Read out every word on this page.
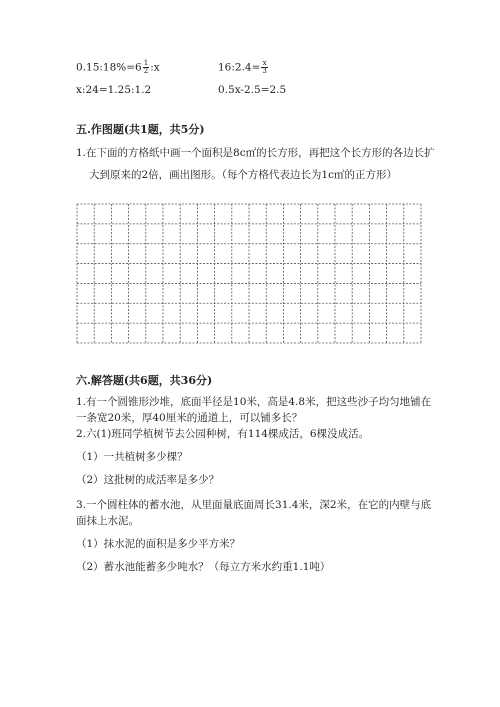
0.15:18%=6 $\frac{1}{2}$ :x	16:2.4= $\frac{x}{3}$
x:24=1.25:1.2	0.5x-2.5=2.5
五.作图题(共1题，共5分)
1.在下面的方格纸中画一个面积是8c㎡的长方形，再把这个长方形的各边长扩
大到原来的2倍，画出图形。（每个方格代表边长为1c㎡的正方形）
六.解答题(共6题，共36分)
1.有一个圆锥形沙堆，底面半径是10米，高是4.8米，把这些沙子均匀地铺在
一条宽20米，厚40厘米的通道上，可以铺多长？
2.六(1)班同学植树节去公园种树，有114棵成活，6棵没成活。
（1）一共植树多少棵？
（2）这批树的成活率是多少？
3.一个圆柱体的蓄水池，从里面量底面周长31.4米，深2米，在它的内壁与底
面抹上水泥。
（1）抹水泥的面积是多少平方米？
（2）蓄水池能蓄多少吨水？（每立方米水约重1.1吨）
